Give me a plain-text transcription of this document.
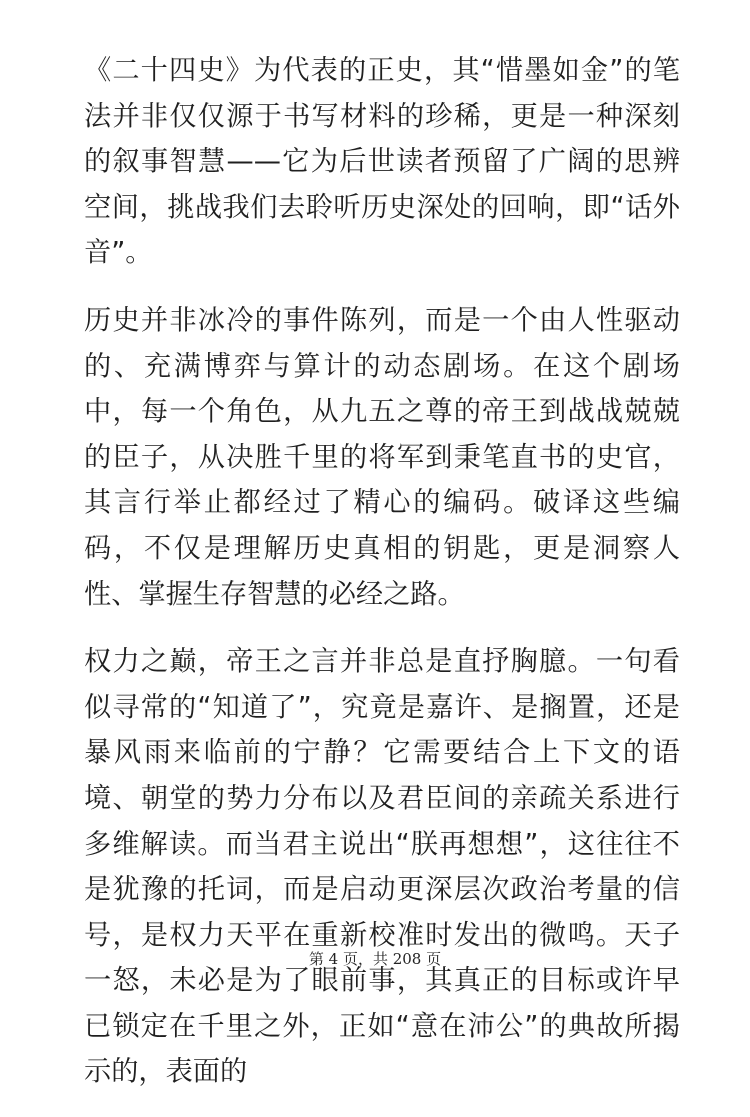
《二十四史》为代表的正史，其“惜墨如金”的笔法并非仅仅源于书写材料的珍稀，更是一种深刻的叙事智慧——它为后世读者预留了广阔的思辨空间，挑战我们去聆听历史深处的回响，即“话外音”。

历史并非冰冷的事件陈列，而是一个由人性驱动的、充满博弈与算计的动态剧场。在这个剧场中，每一个角色，从九五之尊的帝王到战战兢兢的臣子，从决胜千里的将军到秉笔直书的史官，其言行举止都经过了精心的编码。破译这些编码，不仅是理解历史真相的钥匙，更是洞察人性、掌握生存智慧的必经之路。

权力之巅，帝王之言并非总是直抒胸臆。一句看似寻常的“知道了”，究竟是嘉许、是搁置，还是暴风雨来临前的宁静？它需要结合上下文的语境、朝堂的势力分布以及君臣间的亲疏关系进行多维解读。而当君主说出“朕再想想”，这往往不是犹豫的托词，而是启动更深层次政治考量的信号，是权力天平在重新校准时发出的微鸣。天子一怒，未必是为了眼前事，其真正的目标或许早已锁定在千里之外，正如“意在沛公”的典故所揭示的，表面的

第 4 页，共 208 页
